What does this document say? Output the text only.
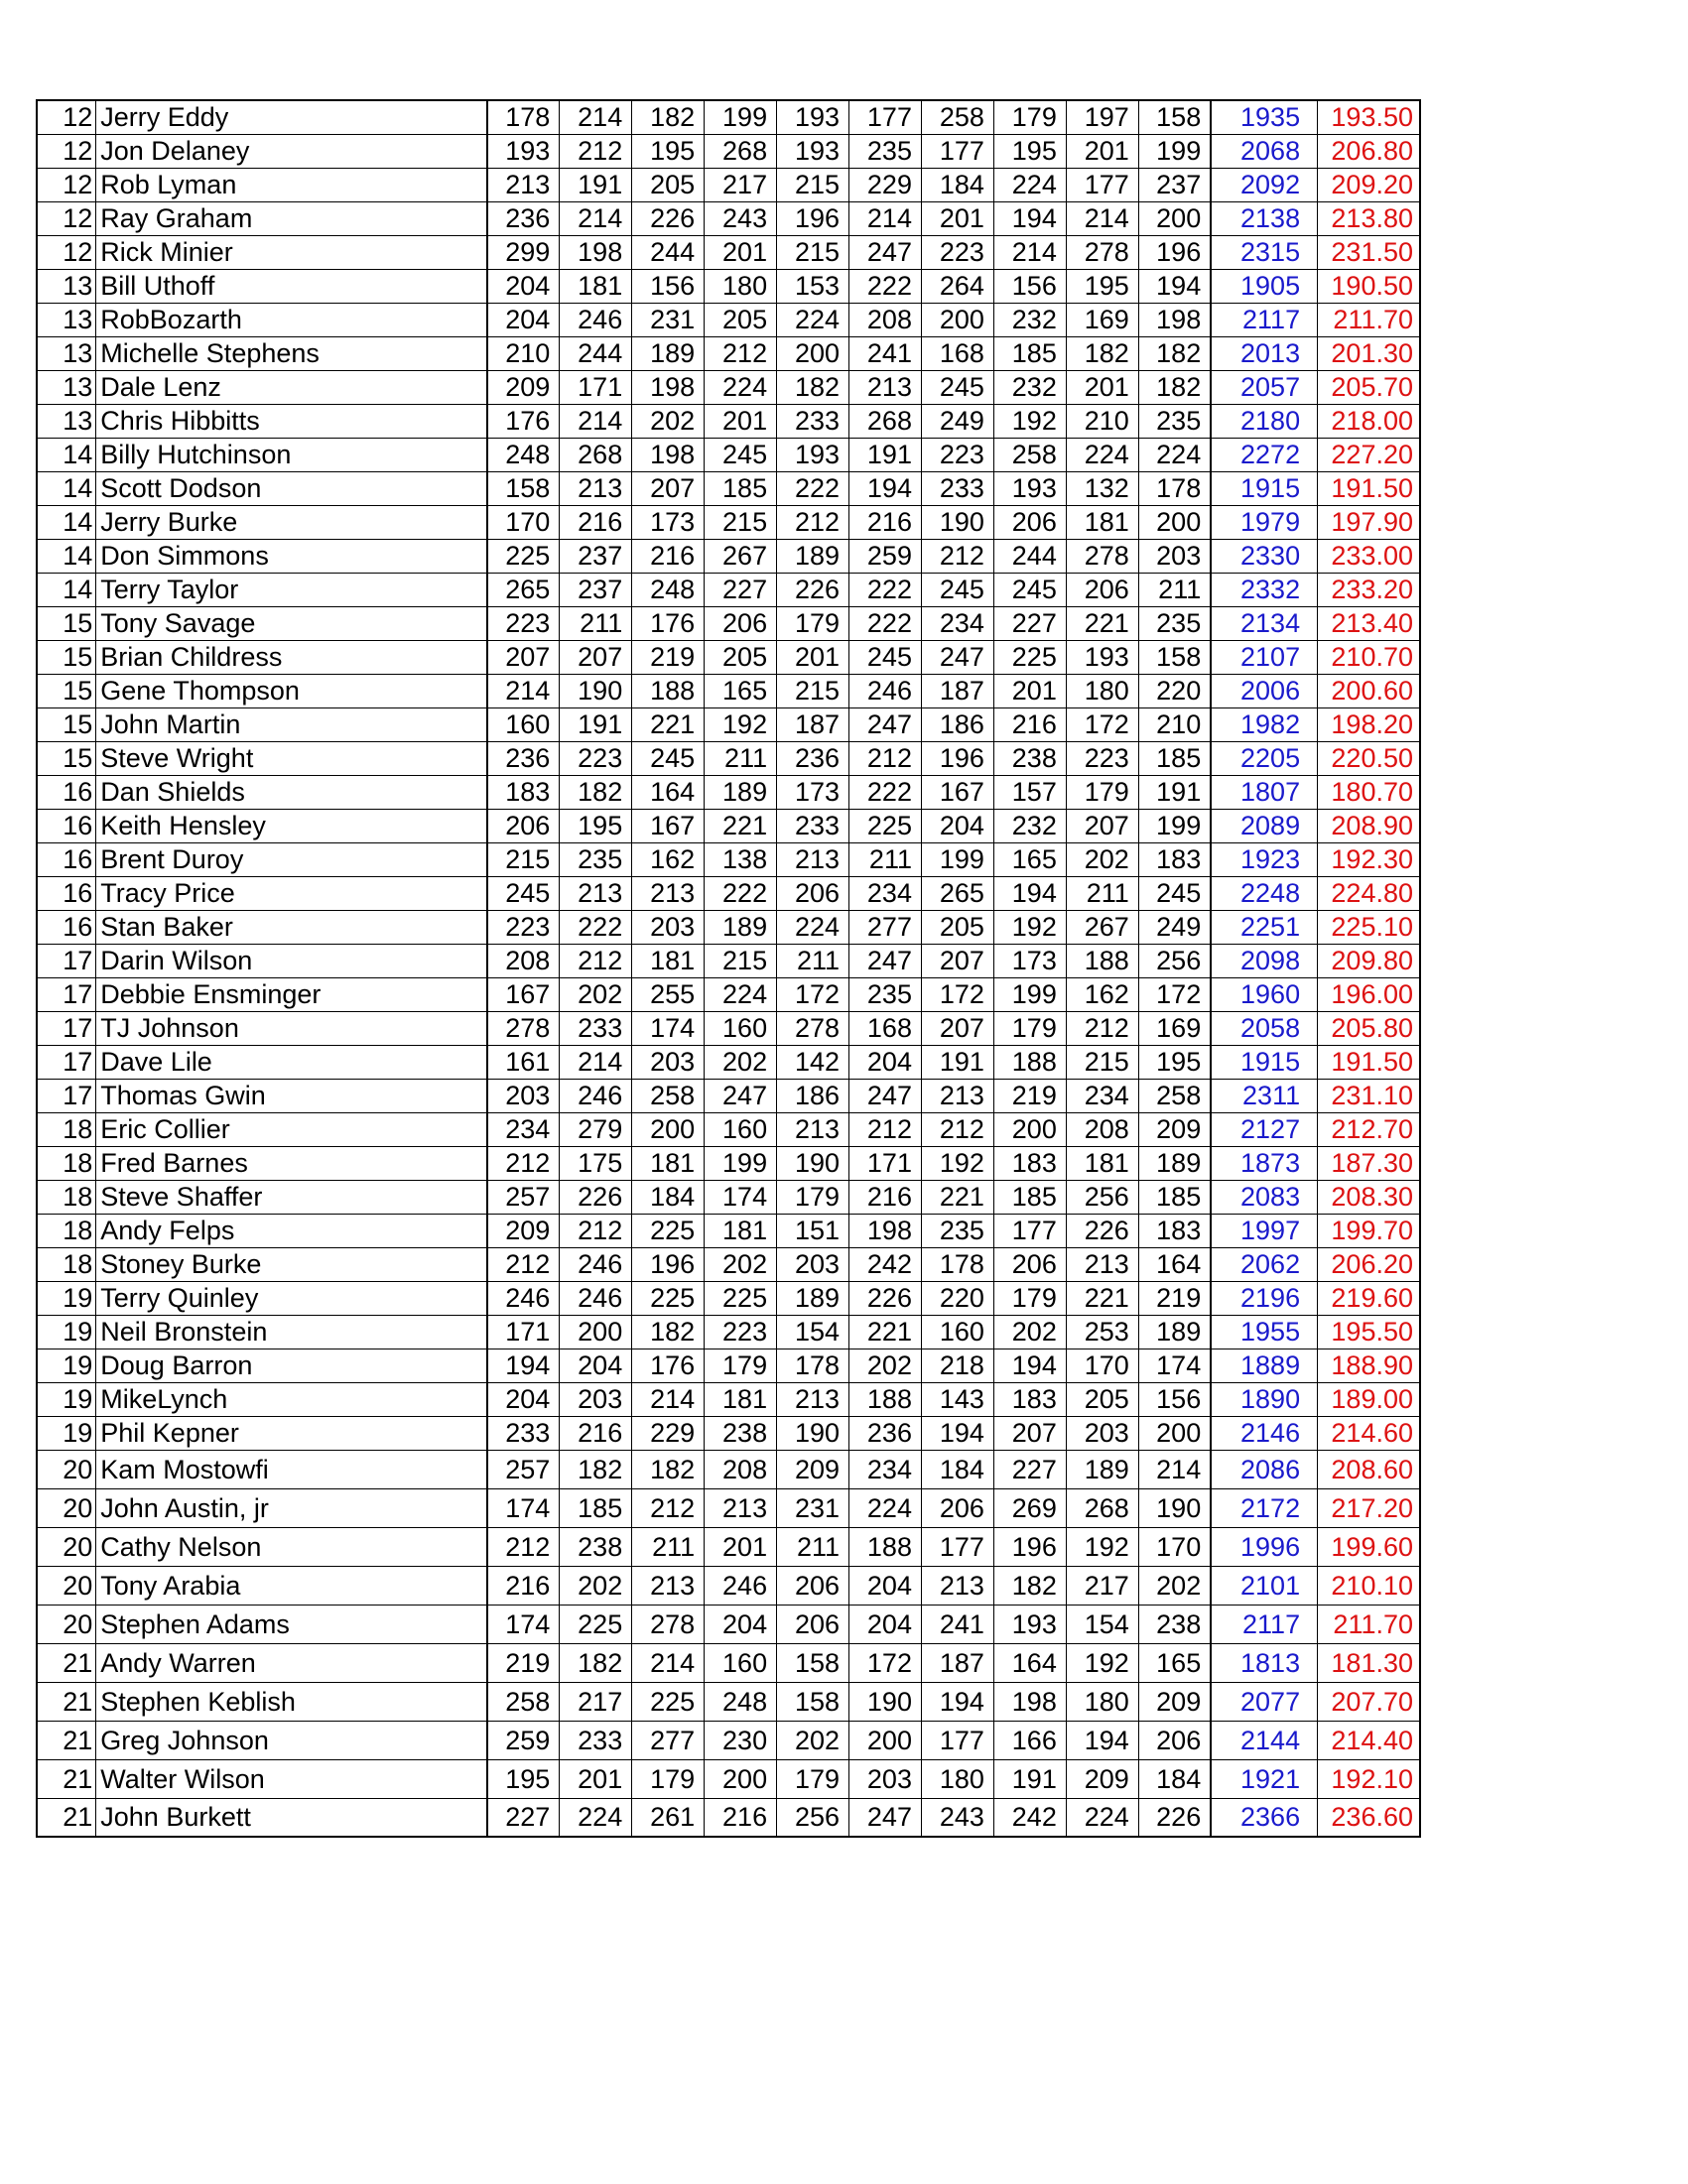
12	Jerry Eddy	178	214	182	199	193	177	258	179	197	158	1935	193.50
12	Jon Delaney	193	212	195	268	193	235	177	195	201	199	2068	206.80
12	Rob Lyman	213	191	205	217	215	229	184	224	177	237	2092	209.20
12	Ray Graham	236	214	226	243	196	214	201	194	214	200	2138	213.80
12	Rick Minier	299	198	244	201	215	247	223	214	278	196	2315	231.50
13	Bill Uthoff	204	181	156	180	153	222	264	156	195	194	1905	190.50
13	RobBozarth	204	246	231	205	224	208	200	232	169	198	2117	211.70
13	Michelle Stephens	210	244	189	212	200	241	168	185	182	182	2013	201.30
13	Dale Lenz	209	171	198	224	182	213	245	232	201	182	2057	205.70
13	Chris Hibbitts	176	214	202	201	233	268	249	192	210	235	2180	218.00
14	Billy Hutchinson	248	268	198	245	193	191	223	258	224	224	2272	227.20
14	Scott Dodson	158	213	207	185	222	194	233	193	132	178	1915	191.50
14	Jerry Burke	170	216	173	215	212	216	190	206	181	200	1979	197.90
14	Don Simmons	225	237	216	267	189	259	212	244	278	203	2330	233.00
14	Terry Taylor	265	237	248	227	226	222	245	245	206	211	2332	233.20
15	Tony Savage	223	211	176	206	179	222	234	227	221	235	2134	213.40
15	Brian Childress	207	207	219	205	201	245	247	225	193	158	2107	210.70
15	Gene Thompson	214	190	188	165	215	246	187	201	180	220	2006	200.60
15	John Martin	160	191	221	192	187	247	186	216	172	210	1982	198.20
15	Steve Wright	236	223	245	211	236	212	196	238	223	185	2205	220.50
16	Dan Shields	183	182	164	189	173	222	167	157	179	191	1807	180.70
16	Keith Hensley	206	195	167	221	233	225	204	232	207	199	2089	208.90
16	Brent Duroy	215	235	162	138	213	211	199	165	202	183	1923	192.30
16	Tracy Price	245	213	213	222	206	234	265	194	211	245	2248	224.80
16	Stan Baker	223	222	203	189	224	277	205	192	267	249	2251	225.10
17	Darin Wilson	208	212	181	215	211	247	207	173	188	256	2098	209.80
17	Debbie Ensminger	167	202	255	224	172	235	172	199	162	172	1960	196.00
17	TJ Johnson	278	233	174	160	278	168	207	179	212	169	2058	205.80
17	Dave Lile	161	214	203	202	142	204	191	188	215	195	1915	191.50
17	Thomas Gwin	203	246	258	247	186	247	213	219	234	258	2311	231.10
18	Eric Collier	234	279	200	160	213	212	212	200	208	209	2127	212.70
18	Fred Barnes	212	175	181	199	190	171	192	183	181	189	1873	187.30
18	Steve Shaffer	257	226	184	174	179	216	221	185	256	185	2083	208.30
18	Andy Felps	209	212	225	181	151	198	235	177	226	183	1997	199.70
18	Stoney Burke	212	246	196	202	203	242	178	206	213	164	2062	206.20
19	Terry Quinley	246	246	225	225	189	226	220	179	221	219	2196	219.60
19	Neil Bronstein	171	200	182	223	154	221	160	202	253	189	1955	195.50
19	Doug Barron	194	204	176	179	178	202	218	194	170	174	1889	188.90
19	MikeLynch	204	203	214	181	213	188	143	183	205	156	1890	189.00
19	Phil Kepner	233	216	229	238	190	236	194	207	203	200	2146	214.60
20	Kam Mostowfi	257	182	182	208	209	234	184	227	189	214	2086	208.60
20	John Austin, jr	174	185	212	213	231	224	206	269	268	190	2172	217.20
20	Cathy Nelson	212	238	211	201	211	188	177	196	192	170	1996	199.60
20	Tony Arabia	216	202	213	246	206	204	213	182	217	202	2101	210.10
20	Stephen Adams	174	225	278	204	206	204	241	193	154	238	2117	211.70
21	Andy Warren	219	182	214	160	158	172	187	164	192	165	1813	181.30
21	Stephen Keblish	258	217	225	248	158	190	194	198	180	209	2077	207.70
21	Greg Johnson	259	233	277	230	202	200	177	166	194	206	2144	214.40
21	Walter Wilson	195	201	179	200	179	203	180	191	209	184	1921	192.10
21	John Burkett	227	224	261	216	256	247	243	242	224	226	2366	236.60
